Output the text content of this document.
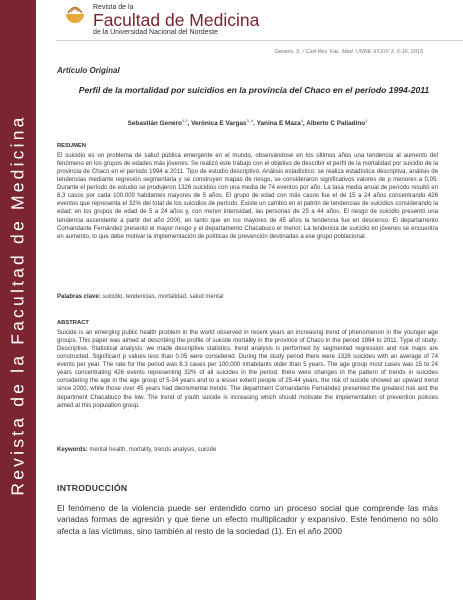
Revista de la Facultad de Medicina
Revista de la
Facultad de Medicina
de la Universidad Nacional del Nordeste
Genero, S. / Cad Rev. Fac. Med. UNNE XXXIV 3, 6-16, 2015
Artículo Original
Perfil de la mortalidad por suicidios en la provincia del Chaco en el período 1994-2011
Sebastián Genero$^{1,2}$, Verónica E Vargas$^{3, 4}$, Yanina E Maza$^4$, Alberto C Palladino$^1$
RESUMEN
El suicidio es un problema de salud pública emergente en el mundo, observándose en los últimos años una tendencia al aumento del fenómeno en los grupos de edades más jóvenes. Se realizó este trabajo con el objetivo de describir el perfil de la mortalidad por suicidio de la provincia de Chaco en el período 1994 a 2011. Tipo de estudio descriptivo. Análisis estadístico: se realiza estadística descriptiva, análisis de tendencias mediante regresión segmentaria y se construyen mapas de riesgo, se consideraron significativos valores de p menores a 0,05. Durante el período de estudio se produjeron 1326 suicidios con una media de 74 eventos por año. La tasa media anual de período resultó en 8,3 casos por cada 100.000 habitantes mayores de 5 años. El grupo de edad con más casos fue el de 15 a 24 años concentrando 426 eventos que representa el 32% del total de los suicidios de período. Existe un cambio en el patrón de tendencias de suicidios considerando la edad: en los grupos de edad de 5 a 24 años y, con menor intensidad, las personas de 25 a 44 años. El riesgo de suicidio presentó una tendencia ascendente a partir del año 2000, en tanto que en los mayores de 45 años la tendencia fue en descenso. El departamento Comandante Fernández presentó el mayor riesgo y el departamento Chacabuco el menor. La tendencia de suicidio en jóvenes se encuentra en aumento, lo que debe motivar la implementación de políticas de prevención destinadas a ese grupo poblacional.
Palabras clave: suicidio, tendencias, mortalidad, salud mental
ABSTRACT
Suicide is an emerging public health problem in the world observed in recent years an increasing trend of phenomenon in the younger age groups. This paper was aimed at describing the profile of suicide mortality in the province of Chaco in the period 1994 to 2011. Type of study: Descriptive. Statistical analysis: we made descriptive statistics, trend analysis is performed by segmented regression and risk maps are constructed. Significant p values less than 0.05 were considered. During the study period there were 1326 suicides with an average of 74 events per year. The rate for the period was 8.3 cases per 100,000 inhabitants older than 5 years. The age group most cases was 15 to 24 years concentrating 426 events representing 32% of all suicides in the period. there were changes in the pattern of trends in suicides considering the age in the age group of 5-24 years and to a lesser extent people of 25-44 years, the risk of suicide showed an upward trend since 2000, while those over 45 years had decremental trends. The department Comandante Fernández presented the greatest risk and the department Chacabuco the low. The trend of youth suicide is increasing which should motivate the implementation of prevention policies aimed at this population group.
Keywords: mental health, mortality, trends analysis, suicide
INTRODUCCIÓN
El fenómeno de la violencia puede ser entendido como un proceso social que comprende las más variadas formas de agresión y que tiene un efecto multiplicador y expansivo. Este fenómeno no sólo afecta a las víctimas, sino también al resto de la sociedad (1). En el año 2000
